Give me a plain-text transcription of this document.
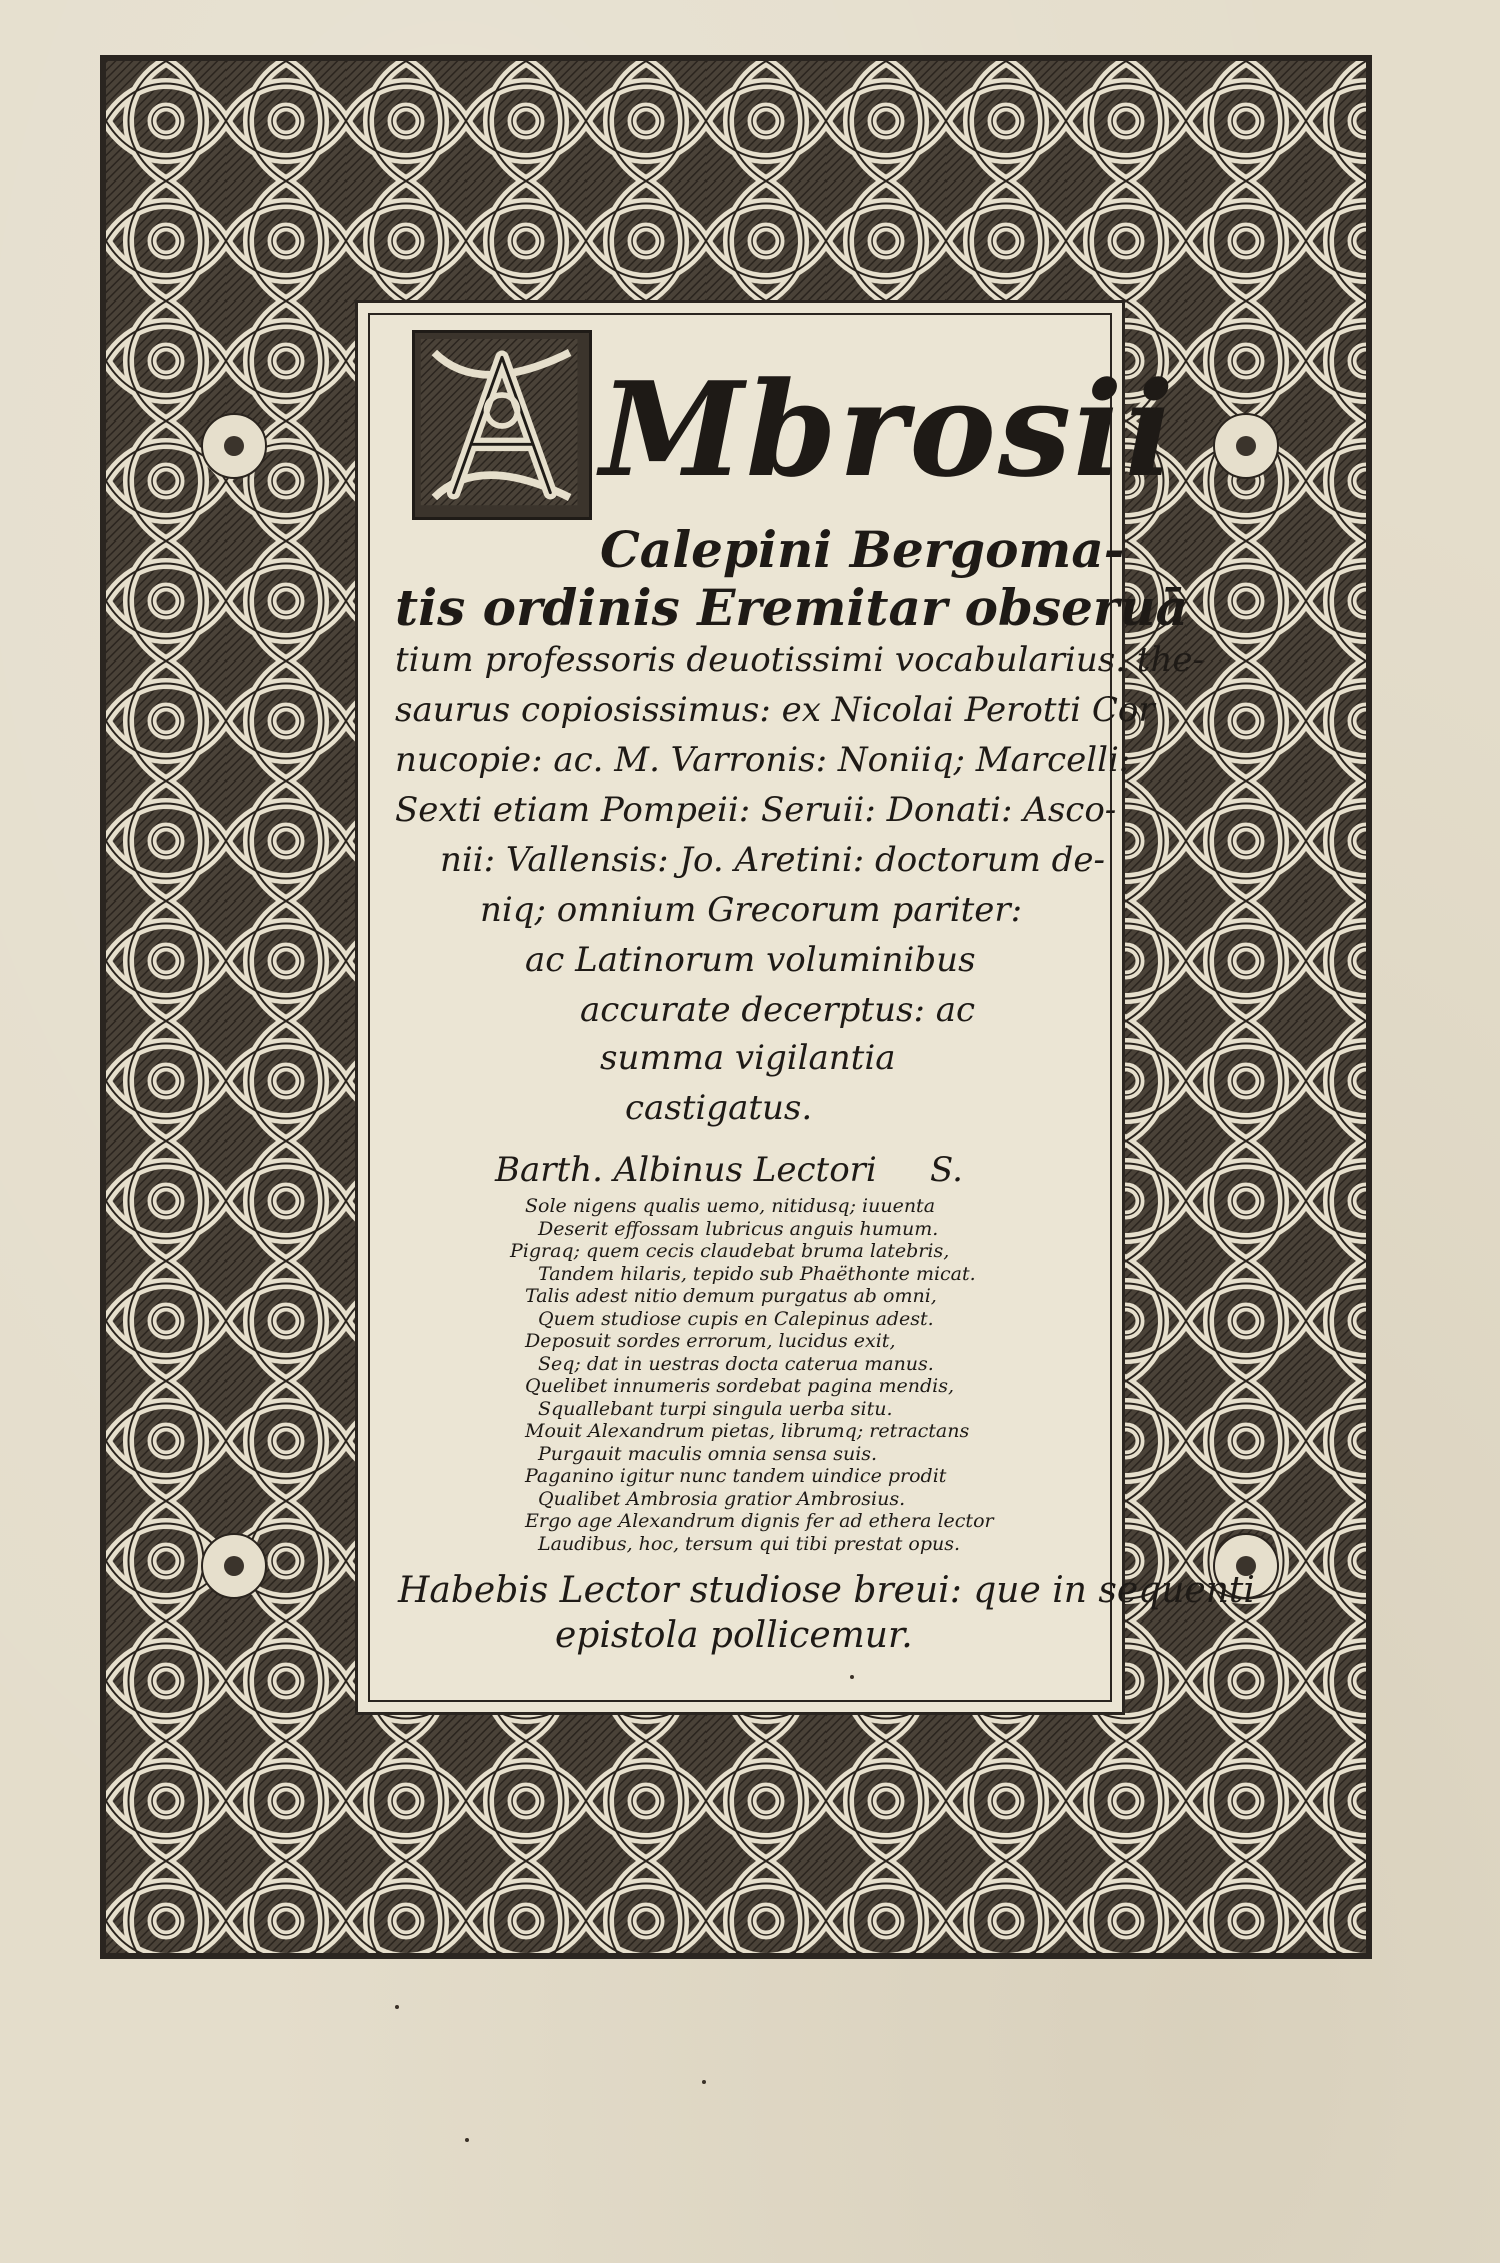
Mbrosii
Calepini Bergoma-
tis ordinis Eremitar obseruā
tium professoris deuotissimi vocabularius. the-
saurus copiosissimus: ex Nicolai Perotti Cor
nucopie: ac. M. Varronis: Noniiq; Marcelli:
Sexti etiam Pompeii: Seruii: Donati: Asco-
nii: Vallensis: Jo. Aretini: doctorum de-
niq; omnium Grecorum pariter:
ac Latinorum voluminibus
accurate decerptus: ac
summa vigilantia
castigatus.
Barth. Albinus Lectori S.
Sole nigens qualis uemo, nitidusq; iuuenta
Deserit effossam lubricus anguis humum.
Pigraq; quem cecis claudebat bruma latebris,
Tandem hilaris, tepido sub Phaëthonte micat.
Talis adest nitio demum purgatus ab omni,
Quem studiose cupis en Calepinus adest.
Deposuit sordes errorum, lucidus exit,
Seq; dat in uestras docta caterua manus.
Quelibet innumeris sordebat pagina mendis,
Squallebant turpi singula uerba situ.
Mouit Alexandrum pietas, librumq; retractans
Purgauit maculis omnia sensa suis.
Paganino igitur nunc tandem uindice prodit
Qualibet Ambrosia gratior Ambrosius.
Ergo age Alexandrum dignis fer ad ethera lector
Laudibus, hoc, tersum qui tibi prestat opus.
Habebis Lector studiose breui: que in sequenti
epistola pollicemur.
